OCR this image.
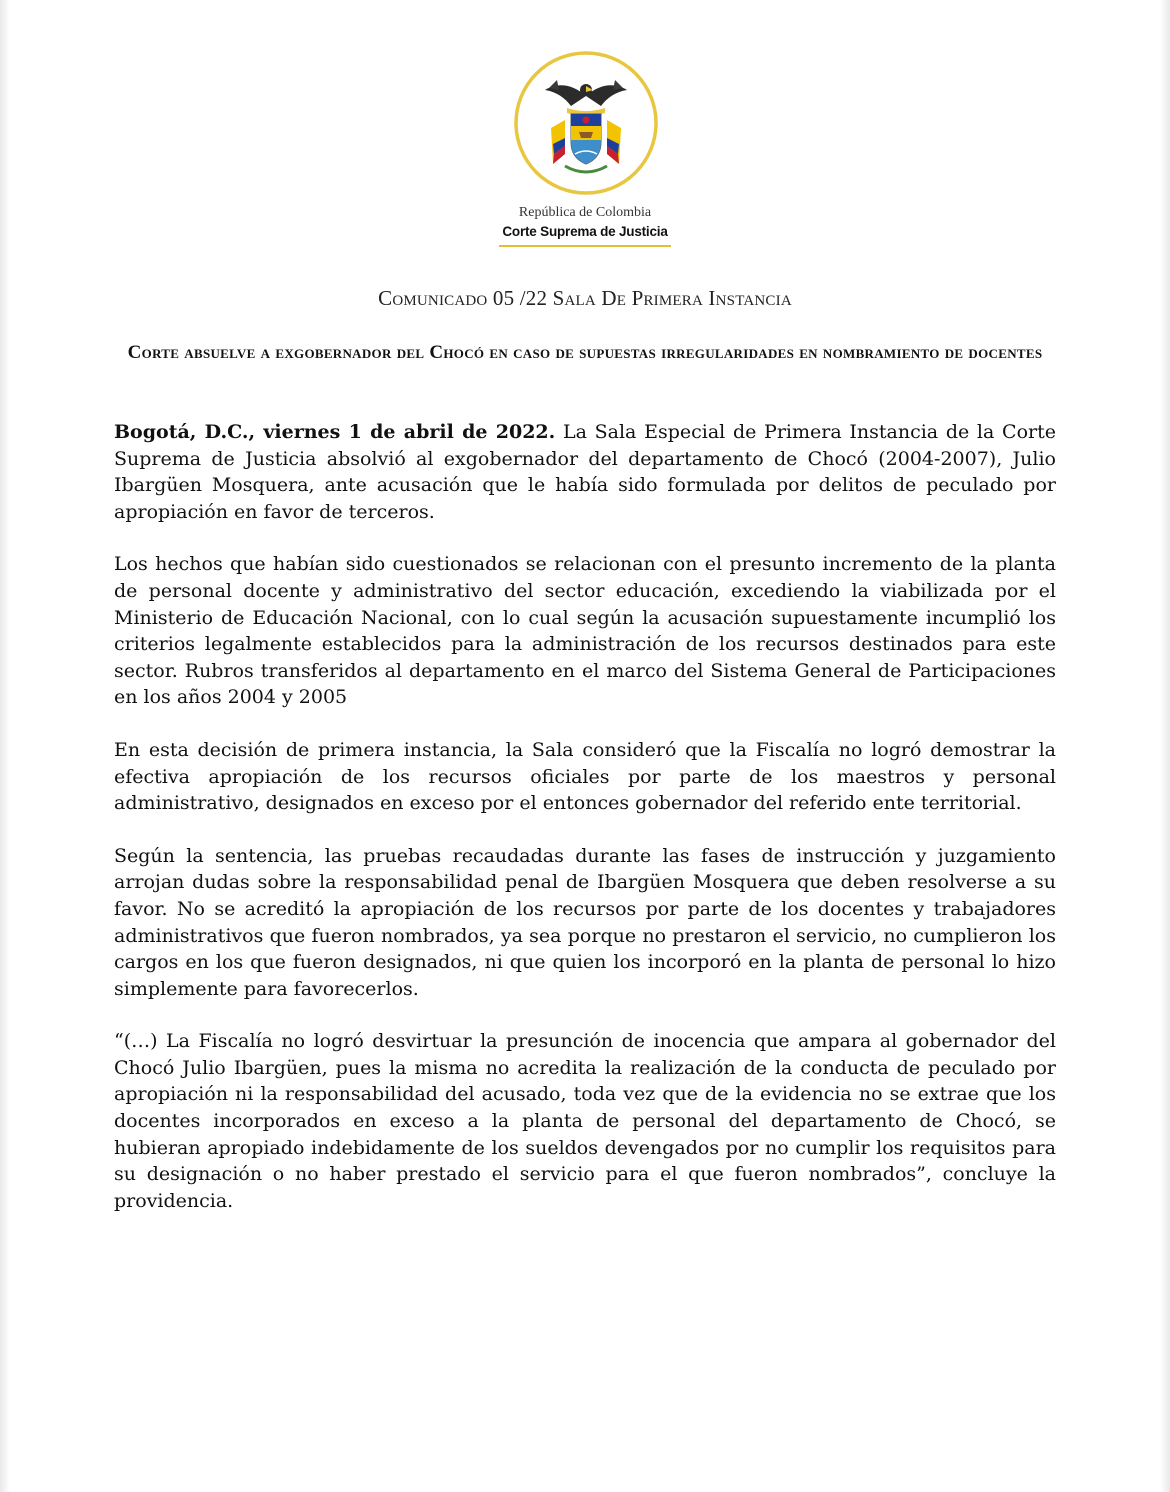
República de Colombia
Corte Suprema de Justicia
Comunicado 05 /22 Sala De Primera Instancia
Corte absuelve a exgobernador del Chocó en caso de supuestas irregularidades en nombramiento de docentes

Bogotá, D.C., viernes 1 de abril de 2022. La Sala Especial de Primera Instancia de la Corte Suprema de Justicia absolvió al exgobernador del departamento de Chocó (2004-2007), Julio Ibargüen Mosquera, ante acusación que le había sido formulada por delitos de peculado por apropiación en favor de terceros.

Los hechos que habían sido cuestionados se relacionan con el presunto incremento de la planta de personal docente y administrativo del sector educación, excediendo la viabilizada por el Ministerio de Educación Nacional, con lo cual según la acusación supuestamente incumplió los criterios legalmente establecidos para la administración de los recursos destinados para este sector. Rubros transferidos al departamento en el marco del Sistema General de Participaciones en los años 2004 y 2005

En esta decisión de primera instancia, la Sala consideró que la Fiscalía no logró demostrar la efectiva apropiación de los recursos oficiales por parte de los maestros y personal administrativo, designados en exceso por el entonces gobernador del referido ente territorial.

Según la sentencia, las pruebas recaudadas durante las fases de instrucción y juzgamiento arrojan dudas sobre la responsabilidad penal de Ibargüen Mosquera que deben resolverse a su favor. No se acreditó la apropiación de los recursos por parte de los docentes y trabajadores administrativos que fueron nombrados, ya sea porque no prestaron el servicio, no cumplieron los cargos en los que fueron designados, ni que quien los incorporó en la planta de personal lo hizo simplemente para favorecerlos.

“(…) La Fiscalía no logró desvirtuar la presunción de inocencia que ampara al gobernador del Chocó Julio Ibargüen, pues la misma no acredita la realización de la conducta de peculado por apropiación ni la responsabilidad del acusado, toda vez que de la evidencia no se extrae que los docentes incorporados en exceso a la planta de personal del departamento de Chocó, se hubieran apropiado indebidamente de los sueldos devengados por no cumplir los requisitos para su designación o no haber prestado el servicio para el que fueron nombrados”, concluye la providencia.
